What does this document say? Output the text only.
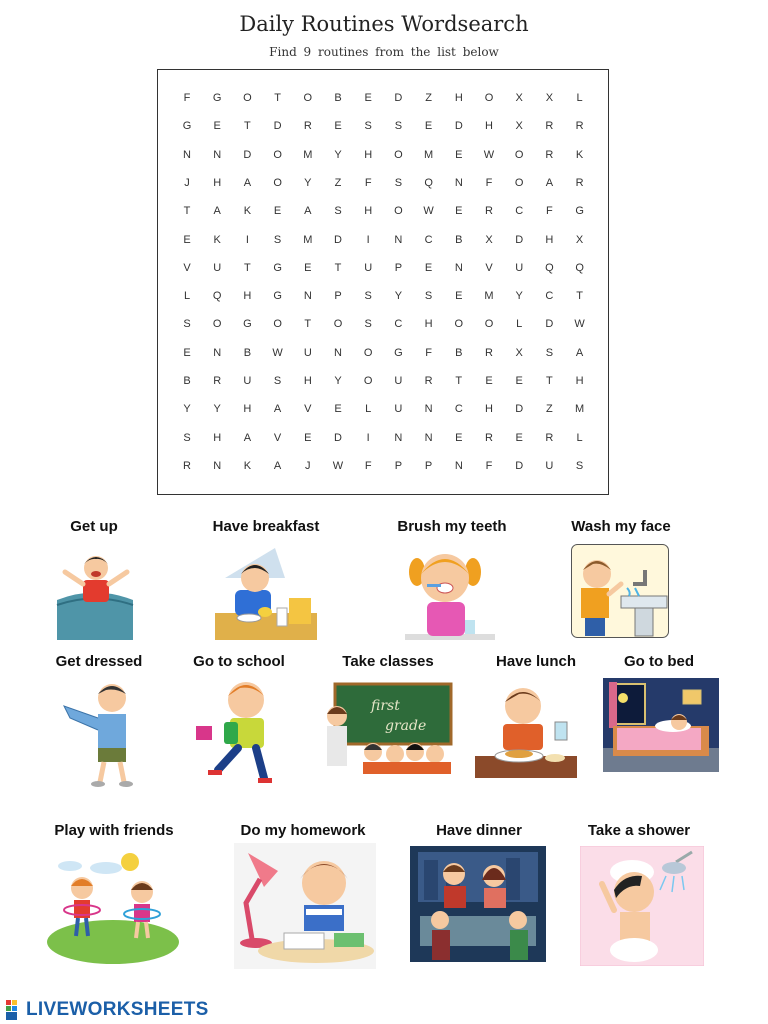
Daily Routines Wordsearch
Find 9 routines from the list below
F	G	O	T	O	B	E	D	Z	H	O	X	X	L
G	E	T	D	R	E	S	S	E	D	H	X	R	R
N	N	D	O	M	Y	H	O	M	E	W	O	R	K
J	H	A	O	Y	Z	F	S	Q	N	F	O	A	R
T	A	K	E	A	S	H	O	W	E	R	C	F	G
E	K	I	S	M	D	I	N	C	B	X	D	H	X
V	U	T	G	E	T	U	P	E	N	V	U	Q	Q
L	Q	H	G	N	P	S	Y	S	E	M	Y	C	T
S	O	G	O	T	O	S	C	H	O	O	L	D	W
E	N	B	W	U	N	O	G	F	B	R	X	S	A
B	R	U	S	H	Y	O	U	R	T	E	E	T	H
Y	Y	H	A	V	E	L	U	N	C	H	D	Z	M
S	H	A	V	E	D	I	N	N	E	R	E	R	L
R	N	K	A	J	W	F	P	P	N	F	D	U	S
Get up	Have breakfast	Brush my teeth	Wash my face
Get dressed	Go to school	Take classes	Have lunch	Go to bed
first
grade
Play with friends	Do my homework	Have dinner	Take a shower
LIVEWORKSHEETS
